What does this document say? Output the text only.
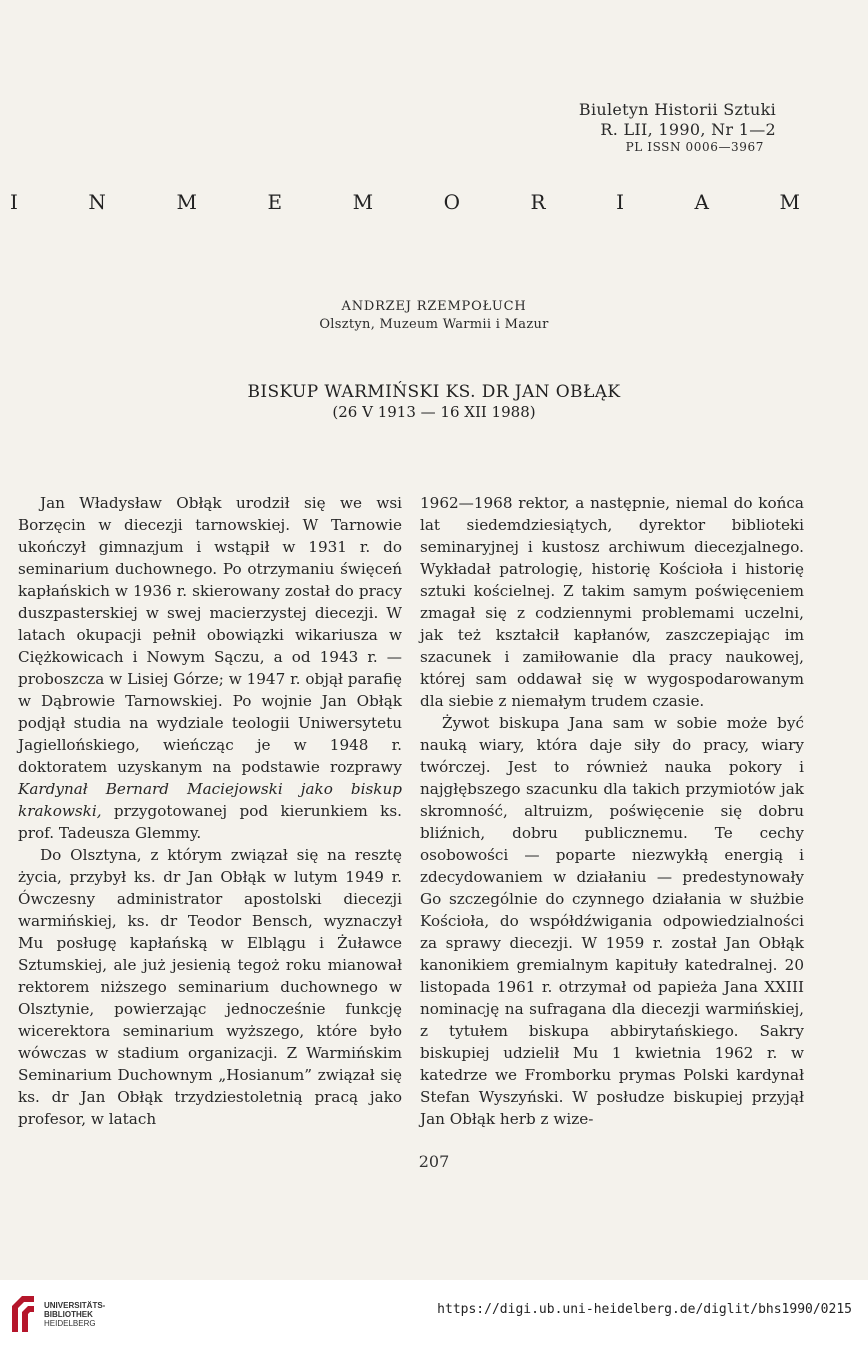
Biuletyn Historii Sztuki
R. LII, 1990, Nr 1—2
PL ISSN 0006—3967
I	N	M	E	M	O	R	I	A	M
ANDRZEJ RZEMPOŁUCH
Olsztyn, Muzeum Warmii i Mazur
BISKUP WARMIŃSKI KS. DR JAN OBŁĄK
(26 V 1913 — 16 XII 1988)

Jan Władysław Obłąk urodził się we wsi Borzęcin w diecezji tarnowskiej. W Tarnowie ukończył gimnazjum i wstąpił w 1931 r. do seminarium duchownego. Po otrzymaniu święceń kapłańskich w 1936 r. skierowany został do pracy duszpasterskiej w swej macierzystej diecezji. W latach okupacji pełnił obowiązki wikariusza w Ciężkowicach i Nowym Sączu, a od 1943 r. — proboszcza w Lisiej Górze; w 1947 r. objął parafię w Dąbrowie Tarnowskiej. Po wojnie Jan Obłąk podjął studia na wydziale teologii Uniwersytetu Jagiellońskiego, wieńcząc je w 1948 r. doktoratem uzyskanym na podstawie rozprawy Kardynał Bernard Maciejowski jako biskup krakowski, przygotowanej pod kierunkiem ks. prof. Tadeusza Glemmy.

Do Olsztyna, z którym związał się na resztę życia, przybył ks. dr Jan Obłąk w lutym 1949 r. Ówczesny administrator apostolski diecezji warmińskiej, ks. dr Teodor Bensch, wyznaczył Mu posługę kapłańską w Elblągu i Żuławce Sztumskiej, ale już jesienią tegoż roku mianował rektorem niższego seminarium duchownego w Olsztynie, powierzając jednocześnie funkcję wicerektora seminarium wyższego, które było wówczas w stadium organizacji. Z Warmińskim Seminarium Duchownym „Hosianum” związał się ks. dr Jan Obłąk trzydziestoletnią pracą jako profesor, w latach

1962—1968 rektor, a następnie, niemal do końca lat siedemdziesiątych, dyrektor biblioteki seminaryjnej i kustosz archiwum diecezjalnego. Wykładał patrologię, historię Kościoła i historię sztuki kościelnej. Z takim samym poświęceniem zmagał się z codziennymi problemami uczelni, jak też kształcił kapłanów, zaszczepiając im szacunek i zamiłowanie dla pracy naukowej, której sam oddawał się w wygospodarowanym dla siebie z niemałym trudem czasie.

Żywot biskupa Jana sam w sobie może być nauką wiary, która daje siły do pracy, wiary twórczej. Jest to również nauka pokory i najgłębszego szacunku dla takich przymiotów jak skromność, altruizm, poświęcenie się dobru bliźnich, dobru publicznemu. Te cechy osobowości — poparte niezwykłą energią i zdecydowaniem w działaniu — predestynowały Go szczególnie do czynnego działania w służbie Kościoła, do współdźwigania odpowiedzialności za sprawy diecezji. W 1959 r. został Jan Obłąk kanonikiem gremialnym kapituły katedralnej. 20 listopada 1961 r. otrzymał od papieża Jana XXIII nominację na sufragana dla diecezji warmińskiej, z tytułem biskupa abbirytańskiego. Sakry biskupiej udzielił Mu 1 kwietnia 1962 r. w katedrze we Fromborku prymas Polski kardynał Stefan Wyszyński. W posłudze biskupiej przyjął Jan Obłąk herb z wize-

207
UNIVERSITÄTS-
BIBLIOTHEK
HEIDELBERG
https://digi.ub.uni-heidelberg.de/diglit/bhs1990/0215
